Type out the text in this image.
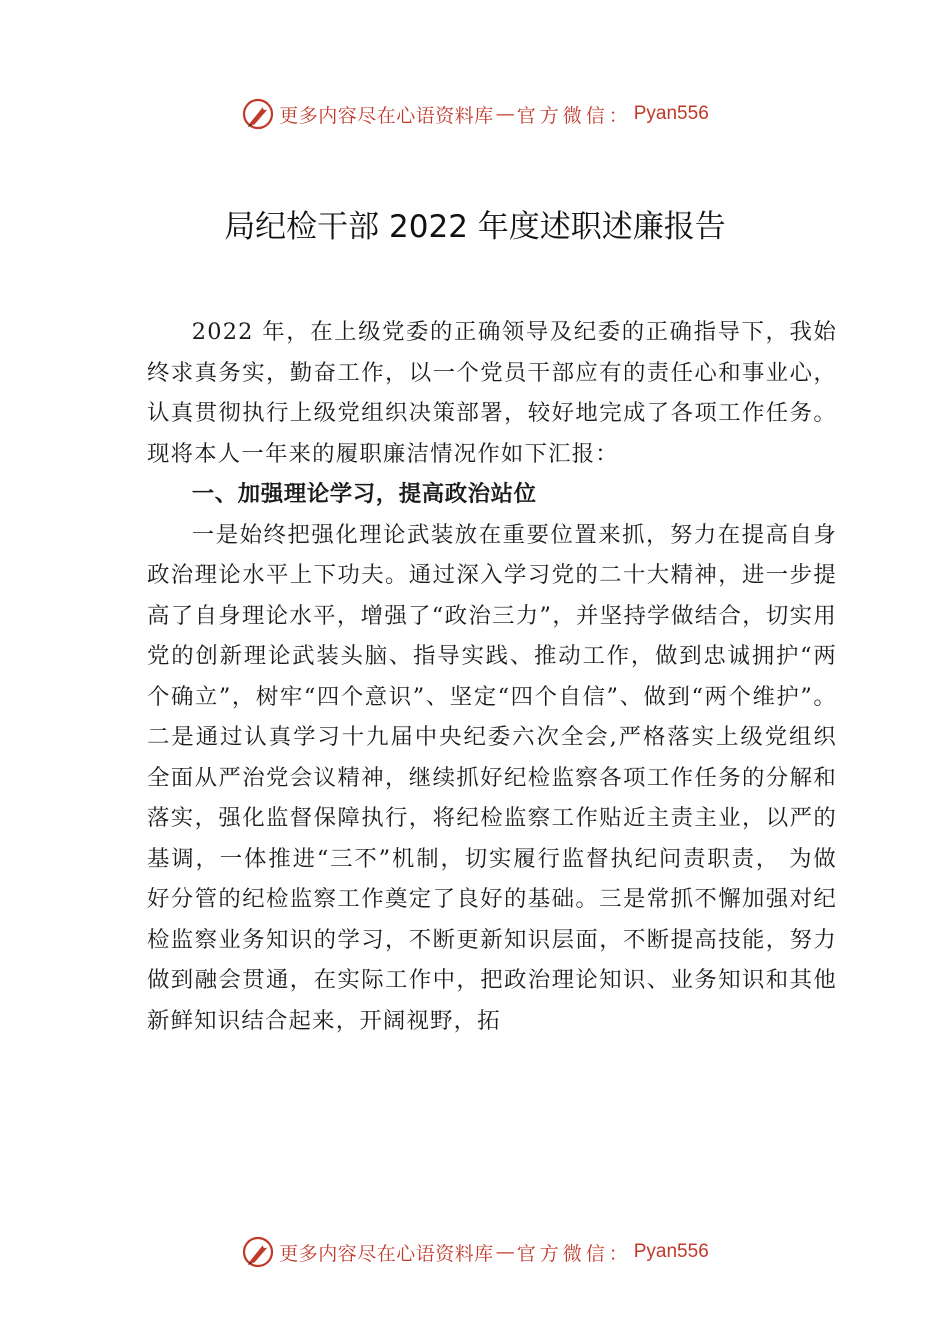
更多内容尽在心语资料库 — 官方微信： Pyan556
局纪检干部 2022 年度述职述廉报告

2022 年，在上级党委的正确领导及纪委的正确指导下，我始终求真务实，勤奋工作，以一个党员干部应有的责任心和事业心，认真贯彻执行上级党组织决策部署，较好地完成了各项工作任务。现将本人一年来的履职廉洁情况作如下汇报：

一、加强理论学习，提高政治站位

一是始终把强化理论武装放在重要位置来抓，努力在提高自身政治理论水平上下功夫。通过深入学习党的二十大精神，进一步提高了自身理论水平，增强了“政治三力”，并坚持学做结合，切实用党的创新理论武装头脑、指导实践、推动工作，做到忠诚拥护“两个确立”，树牢“四个意识”、坚定“四个自信”、做到“两个维护”。二是通过认真学习十九届中央纪委六次全会,严格落实上级党组织全面从严治党会议精神，继续抓好纪检监察各项工作任务的分解和落实，强化监督保障执行，将纪检监察工作贴近主责主业，以严的基调，一体推进“三不”机制，切实履行监督执纪问责职责， 为做好分管的纪检监察工作奠定了良好的基础。三是常抓不懈加强对纪检监察业务知识的学习，不断更新知识层面，不断提高技能，努力做到融会贯通，在实际工作中，把政治理论知识、业务知识和其他新鲜知识结合起来，开阔视野，拓

更多内容尽在心语资料库 — 官方微信： Pyan556
